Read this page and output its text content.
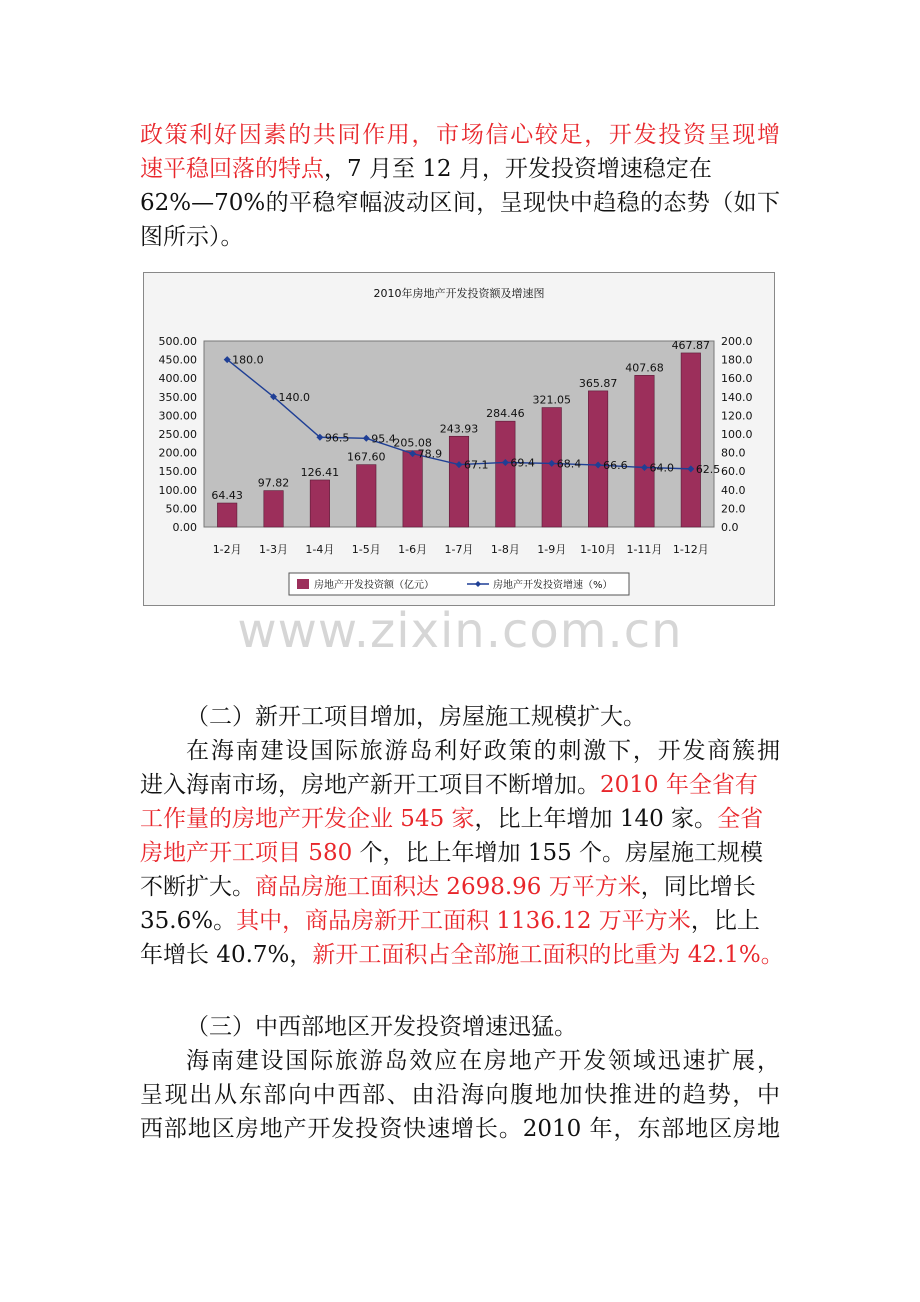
政策利好因素的共同作用，市场信心较足，开发投资呈现增
速平稳回落的特点，7 月至 12 月，开发投资增速稳定在
62%—70%的平稳窄幅波动区间，呈现快中趋稳的态势（如下
图所示）。
2010年房地产开发投资额及增速图
0.00
50.00
100.00
150.00
200.00
250.00
300.00
350.00
400.00
450.00
500.00
0.0
20.0
40.0
60.0
80.0
100.0
120.0
140.0
160.0
180.0
200.0
64.43
1-2月
97.82
1-3月
126.41
1-4月
167.60
1-5月
205.08
1-6月
243.93
1-7月
284.46
1-8月
321.05
1-9月
365.87
1-10月
407.68
1-11月
467.87
1-12月
180.0
140.0
96.5 95.4
78.9
67.1 69.4 68.4 66.6 64.0 62.5
房地产开发投资额（亿元）	房地产开发投资增速（%）
www.zixin.com.cn
（二）新开工项目增加，房屋施工规模扩大。
在海南建设国际旅游岛利好政策的刺激下，开发商簇拥
进入海南市场，房地产新开工项目不断增加。2010 年全省有
工作量的房地产开发企业 545 家，比上年增加 140 家。全省
房地产开工项目 580 个，比上年增加 155 个。房屋施工规模
不断扩大。商品房施工面积达 2698.96 万平方米，同比增长
35.6%。其中，商品房新开工面积 1136.12 万平方米，比上
年增长 40.7%，新开工面积占全部施工面积的比重为 42.1%。
（三）中西部地区开发投资增速迅猛。
海南建设国际旅游岛效应在房地产开发领域迅速扩展，
呈现出从东部向中西部、由沿海向腹地加快推进的趋势，中
西部地区房地产开发投资快速增长。2010 年，东部地区房地
